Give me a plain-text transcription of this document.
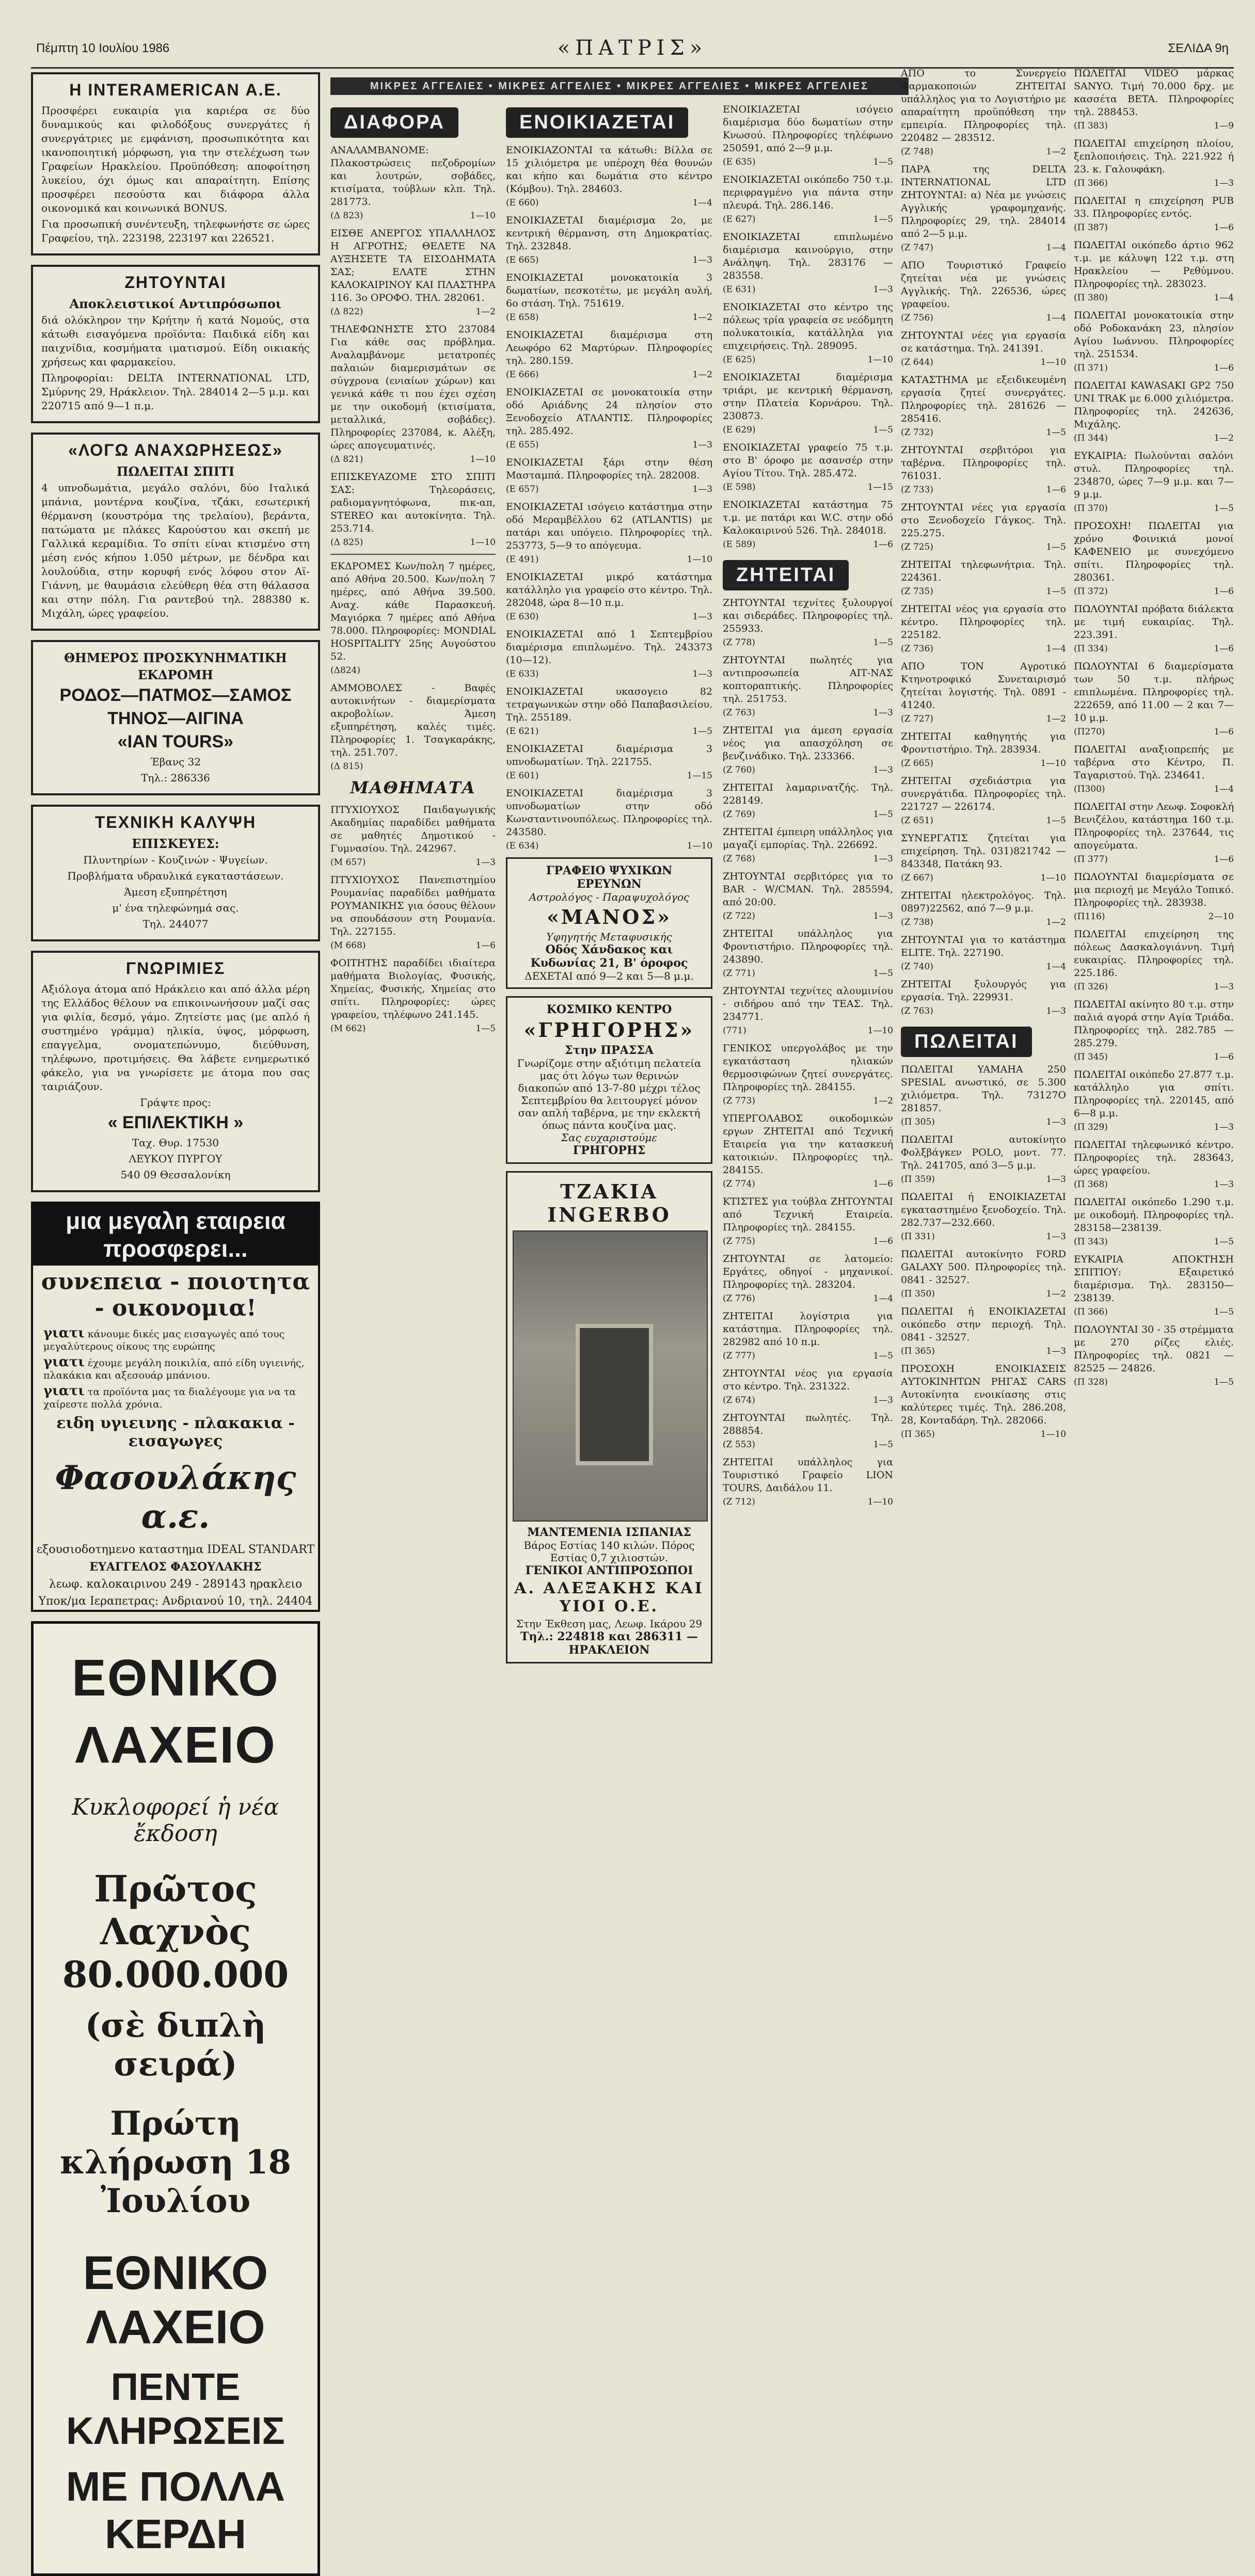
Πέμπτη 10 Ιουλίου 1986	«ΠΑΤΡΙΣ»	ΣΕΛΙΔΑ 9η
Η INTERAMERICAN Α.Ε.

Προσφέρει ευκαιρία για καριέρα σε δύο δυναμικούς και φιλοδόξους συνεργάτες ή συνεργάτριες με εμφάνιση, προσωπικότητα και ικανοποιητική μόρφωση, για την στελέχωση των Γραφείων Ηρακλείου. Προϋπόθεση: αποφοίτηση λυκείου, όχι όμως και απαραίτητη. Επίσης προσφέρει πεσούστα και διάφορα άλλα οικονομικά και κοινωνικά BONUS.

Για προσωπική συνέντευξη, τηλεφωνήστε σε ώρες Γραφείου, τηλ. 223198, 223197 και 226521.

ΖΗΤΟΥΝΤΑΙ
Αποκλειστικοί Αντιπρόσωποι

διά ολόκληρον την Κρήτην ή κατά Νομούς, στα κάτωθι εισαγόμενα προϊόντα: Παιδικά είδη και παιχνίδια, κοσμήματα ιματισμού. Είδη οικιακής χρήσεως και φαρμακείου.

Πληροφορίαι: DELTA INTERNATIONAL LTD, Σμύρνης 29, Ηράκλειον. Τηλ. 284014 2—5 μ.μ. και 220715 από 9—1 π.μ.

«ΛΟΓΩ ΑΝΑΧΩΡΗΣΕΩΣ»
ΠΩΛΕΙΤΑΙ ΣΠΙΤΙ

4 υπνοδωμάτια, μεγάλο σαλόνι, δύο Ιταλικά μπάνια, μοντέρνα κουζίνα, τζάκι, εσωτερική θέρμανση (κουστρόμα της τρελαίου), βεράντα, πατώματα με πλάκες Καρούστου και σκεπή με Γαλλικά κεραμίδια. Το σπίτι είναι κτισμένο στη μέση ενός κήπου 1.050 μέτρων, με δένδρα και λουλούδια, στην κορυφή ενός λόφου στον Αϊ-Γιάννη, με θαυμάσια ελεύθερη θέα στη θάλασσα και στην πόλη. Για ραντεβού τηλ. 288380 κ. Μιχάλη, ώρες γραφείου.

ΘΗΜΕΡΟΣ ΠΡΟΣΚΥΝΗΜΑΤΙΚΗ
ΕΚΔΡΟΜΗ
ΡΟΔΟΣ—ΠΑΤΜΟΣ—ΣΑΜΟΣ
ΤΗΝΟΣ—ΑΙΓΙΝΑ
«IAN TOURS»

Έβανς 32

Τηλ.: 286336

ΤΕΧΝΙΚΗ ΚΑΛΥΨΗ
ΕΠΙΣΚΕΥΕΣ:

Πλυντηρίων - Κουζινών - Ψυγείων.

Προβλήματα υδραυλικά εγκαταστάσεων.

Άμεση εξυπηρέτηση

μ' ένα τηλεφώνημά σας.

Τηλ. 244077

ΓΝΩΡΙΜΙΕΣ

Αξιόλογα άτομα από Ηράκλειο και από άλλα μέρη της Ελλάδος θέλουν να επικοινωνήσουν μαζί σας για φιλία, δεσμό, γάμο. Ζητείστε μας (με απλό ή συστημένο γράμμα) ηλικία, ύψος, μόρφωση, επαγγελμα, ονοματεπώνυμο, διεύθυνση, τηλέφωνο, προτιμήσεις. Θα λάβετε ενημερωτικό φάκελο, για να γνωρίσετε με άτομα που σας ταιριάζουν.

Γράψτε προς:

« ΕΠΙΛΕΚΤΙΚΗ »

Ταχ. Θυρ. 17530

ΛΕΥΚΟΥ ΠΥΡΓΟΥ

540 09 Θεσσαλονίκη

μια μεγαλη εταιρεια προσφερει...
συνεπεια - ποιοτητα - οικονομια!
γιατι κάνουμε δικές μας εισαγωγές από τους μεγαλύτερους οίκους της ευρώπης
γιατι έχουμε μεγάλη ποικιλία, από είδη υγιεινής, πλακάκια και αξεσουάρ μπάνιου.
γιατι τα προϊόντα μας τα διαλέγουμε για να τα χαίρεστε πολλά χρόνια.
ειδη υγιεινης - πλακακια - εισαγωγες
Φασουλάκης α.ε.
εξουσιοδοτημενο καταστημα IDEAL STANDART
ΕΥΑΓΓΕΛΟΣ ΦΑΣΟΥΛΑΚΗΣ
λεωφ. καλοκαιρινου 249 - 289143 ηρακλειο
Υποκ/μα Ιεραπετρας: Ανδριανού 10, τηλ. 24404
ΕΘΝΙΚΟ ΛΑΧΕΙΟ
Κυκλοφορεί ἡ νέα ἔκδοση
Πρῶτος Λαχνὸς 80.000.000
(σὲ διπλὴ σειρά)
Πρώτη κλήρωση 18 Ἰουλίου
ΕΘΝΙΚΟ ΛΑΧΕΙΟ
ΠΕΝΤΕ ΚΛΗΡΩΣΕΙΣ
ΜΕ ΠΟΛΛΑ ΚΕΡΔΗ
ΜΙΚΡΕΣ ΑΓΓΕΛΙΕΣ • ΜΙΚΡΕΣ ΑΓΓΕΛΙΕΣ • ΜΙΚΡΕΣ ΑΓΓΕΛΙΕΣ • ΜΙΚΡΕΣ ΑΓΓΕΛΙΕΣ
ΔΙΑΦΟΡΑ

ΑΝΑΛΑΜΒΑΝΟΜΕ: Πλακοστρώσεις πεζοδρομίων και λουτρών, σοβάδες, κτισίματα, τούβλων κλπ. Τηλ. 281773.

(Δ 823)	1—10

ΕΙΣΘΕ ΑΝΕΡΓΟΣ ΥΠΑΛΛΗΛΟΣ Η ΑΓΡΟΤΗΣ; ΘΕΛΕΤΕ ΝΑ ΑΥΞΗΣΕΤΕ ΤΑ ΕΙΣΟΔΗΜΑΤΑ ΣΑΣ; ΕΛΑΤΕ ΣΤΗΝ ΚΑΛΟΚΑΙΡΙΝΟΥ ΚΑΙ ΠΛΑΣΤΗΡΑ 116. 3ο ΟΡΟΦΟ. ΤΗΛ. 282061.

(Δ 822)	1—2

ΤΗΛΕΦΩΝΗΣΤΕ ΣΤΟ 237084 Για κάθε σας πρόβλημα. Αναλαμβάνομε μετατροπές παλαιών διαμερισμάτων σε σύγχρονα (ενιαίων χώρων) και γενικά κάθε τι που έχει σχέση με την οικοδομή (κτισίματα, μεταλλικά, σοβάδες). Πληροφορίες 237084, κ. Αλέξη, ώρες απογευματινές.

(Δ 821)	1—10

ΕΠΙΣΚΕΥΑΖΟΜΕ ΣΤΟ ΣΠΙΤΙ ΣΑΣ: Τηλεοράσεις, ραδιομαγνητόφωνα, πικ-απ, STEREO και αυτοκίνητα. Τηλ. 253.714.

(Δ 825)	1—10

ΕΚΔΡΟΜΕΣ Κων/πολη 7 ημέρες, από Αθήνα 20.500. Κων/πολη 7 ημέρες, από Αθήνα 39.500. Αναχ. κάθε Παρασκευή. Μαγιόρκα 7 ημέρες από Αθήνα 78.000. Πληροφορίες: MONDIAL HOSPITALITY 25ης Αυγούστου 52.

(Δ824)

ΑΜΜΟΒΟΛΕΣ - Βαφές αυτοκινήτων - διαμερίσματα ακροβολίων. Άμεση εξυπηρέτηση, καλές τιμές. Πληροφορίες 1. Τσαγκαράκης, τηλ. 251.707.

(Δ 815)
ΜΑΘΗΜΑΤΑ

ΠΤΥΧΙΟΥΧΟΣ Παιδαγωγικής Ακαδημίας παραδίδει μαθήματα σε μαθητές Δημοτικού - Γυμνασίου. Τηλ. 242967.

(Μ 657)	1—3

ΠΤΥΧΙΟΥΧΟΣ Πανεπιστημίου Ρουμανίας παραδίδει μαθήματα ΡΟΥΜΑΝΙΚΗΣ για όσους θέλουν να σπουδάσουν στη Ρουμανία. Τηλ. 227155.

(Μ 668)	1—6

ΦΟΙΤΗΤΗΣ παραδίδει ιδιαίτερα μαθήματα Βιολογίας, Φυσικής, Χημείας, Φυσικής, Χημείας στο σπίτι. Πληροφορίες: ώρες γραφείου, τηλέφωνο 241.145.

(Μ 662)	1—5
ΕΝΟΙΚΙΑΖΕΤΑΙ

ΕΝΟΙΚΙΑΖΟΝΤΑΙ τα κάτωθι: Βίλλα σε 15 χιλιόμετρα με υπέροχη θέα θουνών και κήπο και δωμάτια στο κέντρο (Κόμβου). Τηλ. 284603.

(Ε 660)	1—4

ΕΝΟΙΚΙΑΖΕΤΑΙ διαμέρισμα 2ο, με κεντρική θέρμανση, στη Δημοκρατίας. Τηλ. 232848.

(Ε 665)	1—3

ΕΝΟΙΚΙΑΖΕΤΑΙ μονοκατοικία 3 δωματίων, πεσκοτέτω, με μεγάλη αυλή, 6ο στάση. Τηλ. 751619.

(Ε 658)	1—2

ΕΝΟΙΚΙΑΖΕΤΑΙ διαμέρισμα στη Λεωφόρο 62 Μαρτύρων. Πληροφορίες τηλ. 280.159.

(Ε 666)	1—2

ΕΝΟΙΚΙΑΖΕΤΑΙ σε μονοκατοικία στην οδό Αριάδνης 24 πλησίον στο Ξενοδοχείο ΑΤΛΑΝΤΙΣ. Πληροφορίες τηλ. 285.492.

(Ε 655)	1—3

ΕΝΟΙΚΙΑΖΕΤΑΙ ξάρι στην θέση Μασταμπά. Πληροφορίες τηλ. 282008.

(Ε 657)	1—3

ΕΝΟΙΚΙΑΖΕΤΑΙ ισόγειο κατάστημα στην οδό Μεραμβέλλου 62 (ATLANTIS) με πατάρι και υπόγειο. Πληροφορίες τηλ. 253773, 5—9 το απόγευμα.

(Ε 491)	1—10

ΕΝΟΙΚΙΑΖΕΤΑΙ μικρό κατάστημα κατάλληλο για γραφείο στο κέντρο. Τηλ. 282048, ώρα 8—10 π.μ.

(Ε 630)	1—3

ΕΝΟΙΚΙΑΖΕΤΑΙ από 1 Σεπτεμβρίου διαμέρισμα επιπλωμένο. Τηλ. 243373 (10—12).

(Ε 633)	1—3

ΕΝΟΙΚΙΑΖΕΤΑΙ υκασογειο 82 τετραγωνικών στην οδό Παπαβασιλείου. Τηλ. 255189.

(Ε 621)	1—5

ΕΝΟΙΚΙΑΖΕΤΑΙ διαμέρισμα 3 υπνοδωματίων. Τηλ. 221755.

(Ε 601)	1—15

ΕΝΟΙΚΙΑΖΕΤΑΙ διαμέρισμα 3 υπνοδωματίων στην οδό Κωνσταντινουπόλεως. Πληροφορίες τηλ. 243580.

(Ε 634)	1—10
ΓΡΑΦΕΙΟ ΨΥΧΙΚΩΝ ΕΡΕΥΝΩΝ
Αστρολόγος - Παραψυχολόγος
«ΜΑΝΟΣ»
Υφηγητής Μεταφυσικής
Οδός Χάνδακος και Κυδωνίας 21, Β' όροφος
ΔΕΧΕΤΑΙ από 9—2 και 5—8 μ.μ.
ΚΟΣΜΙΚΟ ΚΕΝΤΡΟ
«ΓΡΗΓΟΡΗΣ»
Στην ΠΡΑΣΣΑ
Γνωρίζομε στην αξιότιμη πελατεία μας ότι λόγω των θερινών διακοπών από 13-7-80 μέχρι τέλος Σεπτεμβρίου θα λειτουργεί μόνον σαν απλή ταβέρνα, με την εκλεκτή όπως πάντα κουζίνα μας.
Σας ευχαριστούμε
ΓΡΗΓΟΡΗΣ
ΤΖΑΚΙΑ INGERBO
ΜΑΝΤΕΜΕΝΙΑ ΙΣΠΑΝΙΑΣ
Βάρος Εστίας 140 κιλών. Πόρος Εστίας 0,7 χιλιοστών.
ΓΕΝΙΚΟΙ ΑΝΤΙΠΡΟΣΩΠΟΙ
Α. ΑΛΕΞΑΚΗΣ ΚΑΙ ΥΙΟΙ Ο.Ε.
Στην Έκθεση μας, Λεωφ. Ικάρου 29
Τηλ.: 224818 και 286311 — ΗΡΑΚΛΕΙΟΝ

ΕΝΟΙΚΙΑΖΕΤΑΙ ισόγειο διαμέρισμα δύο δωματίων στην Κνωσού. Πληροφορίες τηλέφωνο 250591, από 2—9 μ.μ.

(Ε 635)	1—5

ΕΝΟΙΚΙΑΖΕΤΑΙ οικόπεδο 750 τ.μ. περιφραγμένο για πάντα στην πλευρά. Τηλ. 286.146.

(Ε 627)	1—5

ΕΝΟΙΚΙΑΖΕΤΑΙ επιπλωμένο διαμέρισμα καινούργιο, στην Ανάληψη. Τηλ. 283176 — 283558.

(Ε 631)	1—3

ΕΝΟΙΚΙΑΖΕΤΑΙ στο κέντρο της πόλεως τρία γραφεία σε νεόδμητη πολυκατοικία, κατάλληλα για επιχειρήσεις. Τηλ. 289095.

(Ε 625)	1—10

ΕΝΟΙΚΙΑΖΕΤΑΙ διαμέρισμα τριάρι, με κεντρική θέρμανση, στην Πλατεία Κορνάρου. Τηλ. 230873.

(Ε 629)	1—5

ΕΝΟΙΚΙΑΖΕΤΑΙ γραφείο 75 τ.μ. στο Β' όροφο με ασανσέρ στην Αγίου Τίτου. Τηλ. 285.472.

(Ε 598)	1—15

ΕΝΟΙΚΙΑΖΕΤΑΙ κατάστημα 75 τ.μ. με πατάρι και W.C. στην οδό Καλοκαιρινού 526. Τηλ. 284018.

(Ε 589)	1—6
ΖΗΤΕΙΤΑΙ

ΖΗΤΟΥΝΤΑΙ τεχνίτες ξυλουργοί και σιδεράδες. Πληροφορίες τηλ. 255933.

(Ζ 778)	1—5

ΖΗΤΟΥΝΤΑΙ πωλητές για αντιπροσωπεία ΑΙΤ-ΝΑΣ κοπτοραπτικής. Πληροφορίες τηλ. 251753.

(Ζ 763)	1—3

ΖΗΤΕΙΤΑΙ για άμεση εργασία νέος για απασχόληση σε βενζινάδικο. Τηλ. 233366.

(Ζ 760)	1—3

ΖΗΤΕΙΤΑΙ λαμαρινατζής. Τηλ. 228149.

(Ζ 769)	1—5

ΖΗΤΕΙΤΑΙ έμπειρη υπάλληλος για μαγαζί εμπορίας. Τηλ. 226692.

(Ζ 768)	1—3

ΖΗΤΟΥΝΤΑΙ σερβιτόρες για το BAR - W/CMAN. Τηλ. 285594, από 20:00.

(Ζ 722)	1—3

ΖΗΤΕΙΤΑΙ υπάλληλος για Φροντιστήριο. Πληροφορίες τηλ. 243890.

(Ζ 771)	1—5

ΖΗΤΟΥΝΤΑΙ τεχνίτες αλουμινίου - σιδήρου από την ΤΕΑΣ. Τηλ. 234771.

(771)	1—10

ΓΕΝΙΚΟΣ υπεργολάβος με την εγκατάσταση ηλιακών θερμοσιφώνων ζητεί συνεργάτες. Πληροφορίες τηλ. 284155.

(Ζ 773)	1—2

ΥΠΕΡΓΟΛΑΒΟΣ οικοδομικών εργων ΖΗΤΕΙΤΑΙ από Τεχνική Εταιρεία για την κατασκευή κατοικιών. Πληροφορίες τηλ. 284155.

(Ζ 774)	1—6

ΚΤΙΣΤΕΣ για τούβλα ΖΗΤΟΥΝΤΑΙ από Τεχνική Εταιρεία. Πληροφορίες τηλ. 284155.

(Ζ 775)	1—6

ΖΗΤΟΥΝΤΑΙ σε λατομείο: Εργάτες, οδηγοί - μηχανικοί. Πληροφορίες τηλ. 283204.

(Ζ 776)	1—4

ΖΗΤΕΙΤΑΙ λογίστρια για κατάστημα. Πληροφορίες τηλ. 282982 από 10 π.μ.

(Ζ 777)	1—5

ΖΗΤΟΥΝΤΑΙ νέος για εργασία στο κέντρο. Τηλ. 231322.

(Ζ 674)	1—3

ΖΗΤΟΥΝΤΑΙ πωλητές. Τηλ. 288854.

(Ζ 553)	1—5

ΖΗΤΕΙΤΑΙ υπάλληλος για Τουριστικό Γραφείο LION TOURS, Δαιδάλου 11.

(Ζ 712)	1—10

ΑΠΟ το Συνεργείο Φαρμακοποιών ΖΗΤΕΙΤΑΙ υπάλληλος για το Λογιστήριο με απαραίτητη προϋπόθεση την εμπειρία. Πληροφορίες τηλ. 220482 — 283512.

(Ζ 748)	1—2

ΠΑΡΑ της DELTA INTERNATIONAL LTD ΖΗΤΟΥΝΤΑΙ: α) Νέα με γνώσεις Αγγλικής γραφομηχανής. Πληροφορίες 29, τηλ. 284014 από 2—5 μ.μ.

(Ζ 747)	1—4

ΑΠΟ Τουριστικό Γραφείο ζητείται νέα με γνώσεις Αγγλικής. Τηλ. 226536, ώρες γραφείου.

(Ζ 756)	1—4

ΖΗΤΟΥΝΤΑΙ νέες για εργασία σε κατάστημα. Τηλ. 241391.

(Ζ 644)	1—10

ΚΑΤΑΣΤΗΜΑ με εξειδικευμένη εργασία ζητεί συνεργάτες. Πληροφορίες τηλ. 281626 — 285416.

(Ζ 732)	1—5

ΖΗΤΟΥΝΤΑΙ σερβιτόροι για ταβέρνα. Πληροφορίες τηλ. 761031.

(Ζ 733)	1—6

ΖΗΤΟΥΝΤΑΙ νέες για εργασία στο Ξενοδοχείο Γάγκος. Τηλ. 225.275.

(Ζ 725)	1—5

ΖΗΤΕΙΤΑΙ τηλεφωνήτρια. Τηλ. 224361.

(Ζ 735)	1—5

ΖΗΤΕΙΤΑΙ νέος για εργασία στο κέντρο. Πληροφορίες τηλ. 225182.

(Ζ 736)	1—4

ΑΠΟ ΤΟΝ Αγροτικό Κτηνοτροφικό Συνεταιρισμό ζητείται λογιστής. Τηλ. 0891 - 41240.

(Ζ 727)	1—2

ΖΗΤΕΙΤΑΙ καθηγητής για Φροντιστήριο. Τηλ. 283934.

(Ζ 665)	1—10

ΖΗΤΕΙΤΑΙ σχεδιάστρια για συνεργάτιδα. Πληροφορίες τηλ. 221727 — 226174.

(Ζ 651)	1—5

ΣΥΝΕΡΓΑΤΙΣ ζητείται για επιχείρηση. Τηλ. 031)821742 — 843348, Πατάκη 93.

(Ζ 667)	1—10

ΖΗΤΕΙΤΑΙ ηλεκτρολόγος. Τηλ. 0897)22562, από 7—9 μ.μ.

(Ζ 738)	1—2

ΖΗΤΟΥΝΤΑΙ για το κατάστημα ELITE. Τηλ. 227190.

(Ζ 740)	1—4

ΖΗΤΕΙΤΑΙ ξυλουργός για εργασία. Τηλ. 229931.

(Ζ 763)	1—3
ΠΩΛΕΙΤΑΙ

ΠΩΛΕΙΤΑΙ YAMAHA 250 SPESIAL ανωστικό, σε 5.300 χιλιόμετρα. Τηλ. 73127Ο 281857.

(Π 305)	1—3

ΠΩΛΕΙΤΑΙ αυτοκίνητο Φολξβάγκεν POLO, μοντ. 77. Τηλ. 241705, από 3—5 μ.μ.

(Π 359)	1—3

ΠΩΛΕΙΤΑΙ ή ΕΝΟΙΚΙΑΖΕΤΑΙ εγκαταστημένο ξενοδοχείο. Τηλ. 282.737—232.660.

(Π 331)	1—3

ΠΩΛΕΙΤΑΙ αυτοκίνητο FORD GALAXY 500. Πληροφορίες τηλ. 0841 - 32527.

(Π 350)	1—2

ΠΩΛΕΙΤΑΙ ή ΕΝΟΙΚΙΑΖΕΤΑΙ οικόπεδο στην περιοχή. Τηλ. 0841 - 32527.

(Π 365)	1—3

ΠΡΟΣΟΧΗ ΕΝΟΙΚΙΑΣΕΙΣ ΑΥΤΟΚΙΝΗΤΩΝ ΡΗΓΑΣ CARS Αυτοκίνητα ενοικίασης στις καλύτερες τιμές. Τηλ. 286.208, 28, Κονταδάρη. Τηλ. 282066.

(Π 365)	1—10

ΠΩΛΕΙΤΑΙ VIDEO μάρκας SANYO. Τιμή 70.000 δρχ. με κασσέτα BETA. Πληροφορίες τηλ. 288453.

(Π 383)	1—9

ΠΩΛΕΙΤΑΙ επιχείρηση πλοίου, ξεπλοποιήσεις. Τηλ. 221.922 ή 23. κ. Γαλουφάκη.

(Π 366)	1—3

ΠΩΛΕΙΤΑΙ η επιχείρηση PUB 33. Πληροφορίες εντός.

(Π 387)	1—6

ΠΩΛΕΙΤΑΙ οικόπεδο άρτιο 962 τ.μ. με κάλυψη 122 τ.μ. στη Ηρακλείου — Ρεθύμνου. Πληροφορίες τηλ. 283023.

(Π 380)	1—4

ΠΩΛΕΙΤΑΙ μονοκατοικία στην οδό Ροδοκανάκη 23, πλησίον Αγίου Ιωάννου. Πληροφορίες τηλ. 251534.

(Π 371)	1—6

ΠΩΛΕΙΤΑΙ KAWASAKI GP2 750 UNI TRAK με 6.000 χιλιόμετρα. Πληροφορίες τηλ. 242636, Μιχάλης.

(Π 344)	1—2

ΕΥΚΑΙΡΙΑ: Πωλούνται σαλόνι στυλ. Πληροφορίες τηλ. 234870, ώρες 7—9 μ.μ. και 7—9 μ.μ.

(Π 370)	1—5

ΠΡΟΣΟΧΗ! ΠΩΛΕΙΤΑΙ για χρόνο Φοινικιά μονοί ΚΑΦΕΝΕΙΟ με συνεχόμενο σπίτι. Πληροφορίες τηλ. 280361.

(Π 372)	1—6

ΠΩΛΟΥΝΤΑΙ πρόβατα διάλεκτα με τιμή ευκαιρίας. Τηλ. 223.391.

(Π 334)	1—6

ΠΩΛΟΥΝΤΑΙ 6 διαμερίσματα των 50 τ.μ. πλήρως επιπλωμένα. Πληροφορίες τηλ. 222659, από 11.00 — 2 και 7—10 μ.μ.

(Π270)	1—6

ΠΩΛΕΙΤΑΙ αναξιοπρεπής με ταβέρνα στο Κέντρο, Π. Ταγαριστού. Τηλ. 234641.

(Π300)	1—4

ΠΩΛΕΙΤΑΙ στην Λεωφ. Σοφοκλή Βενιζέλου, κατάστημα 160 τ.μ. Πληροφορίες τηλ. 237644, τις απογεύματα.

(Π 377)	1—6

ΠΩΛΟΥΝΤΑΙ διαμερίσματα σε μια περιοχή με Μεγάλο Τοπικό. Πληροφορίες τηλ. 283938.

(Π116)	2—10

ΠΩΛΕΙΤΑΙ επιχείρηση της πόλεως Δασκαλογιάννη. Τιμή ευκαιρίας. Πληροφορίες τηλ. 225.186.

(Π 326)	1—3

ΠΩΛΕΙΤΑΙ ακίνητο 80 τ.μ. στην παλιά αγορά στην Αγία Τριάδα. Πληροφορίες τηλ. 282.785 — 285.279.

(Π 345)	1—6

ΠΩΛΕΙΤΑΙ οικόπεδο 27.877 τ.μ. κατάλληλο για σπίτι. Πληροφορίες τηλ. 220145, από 6—8 μ.μ.

(Π 329)	1—3

ΠΩΛΕΙΤΑΙ τηλεφωνικό κέντρο. Πληροφορίες τηλ. 283643, ώρες γραφείου.

(Π 368)	1—3

ΠΩΛΕΙΤΑΙ οικόπεδο 1.290 τ.μ. με οικοδομή. Πληροφορίες τηλ. 283158—238139.

(Π 343)	1—5

ΕΥΚΑΙΡΙΑ ΑΠΟΚΤΗΣΗ ΣΠΙΤΙΟΥ: Εξαιρετικό διαμέρισμα. Τηλ. 283150—238139.

(Π 366)	1—5

ΠΩΛΟΥΝΤΑΙ 30 - 35 στρέμματα με 270 ρίζες ελιές. Πληροφορίες τηλ. 0821 — 82525 — 24826.

(Π 328)	1—5
